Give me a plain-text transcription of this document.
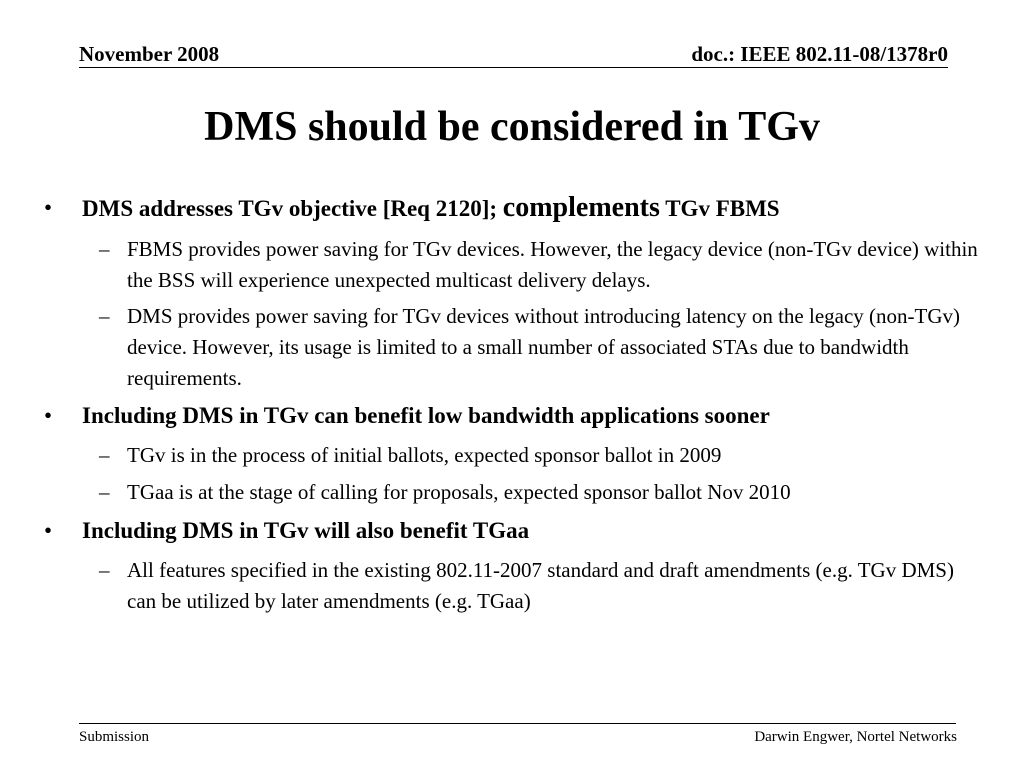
November 2008	doc.: IEEE 802.11-08/1378r0
DMS should be considered in TGv
• DMS addresses TGv objective [Req 2120]; complements TGv FBMS
– FBMS provides power saving for TGv devices. However, the legacy device (non-TGv device) within the BSS will experience unexpected multicast delivery delays.
– DMS provides power saving for TGv devices without introducing latency on the legacy (non-TGv) device. However, its usage is limited to a small number of associated STAs due to bandwidth requirements.
• Including DMS in TGv can benefit low bandwidth applications sooner
– TGv is in the process of initial ballots, expected sponsor ballot in 2009
– TGaa is at the stage of calling for proposals, expected sponsor ballot Nov 2010
• Including DMS in TGv will also benefit TGaa
– All features specified in the existing 802.11-2007 standard and draft amendments (e.g. TGv DMS) can be utilized by later amendments (e.g. TGaa)
Submission	Darwin Engwer, Nortel Networks
